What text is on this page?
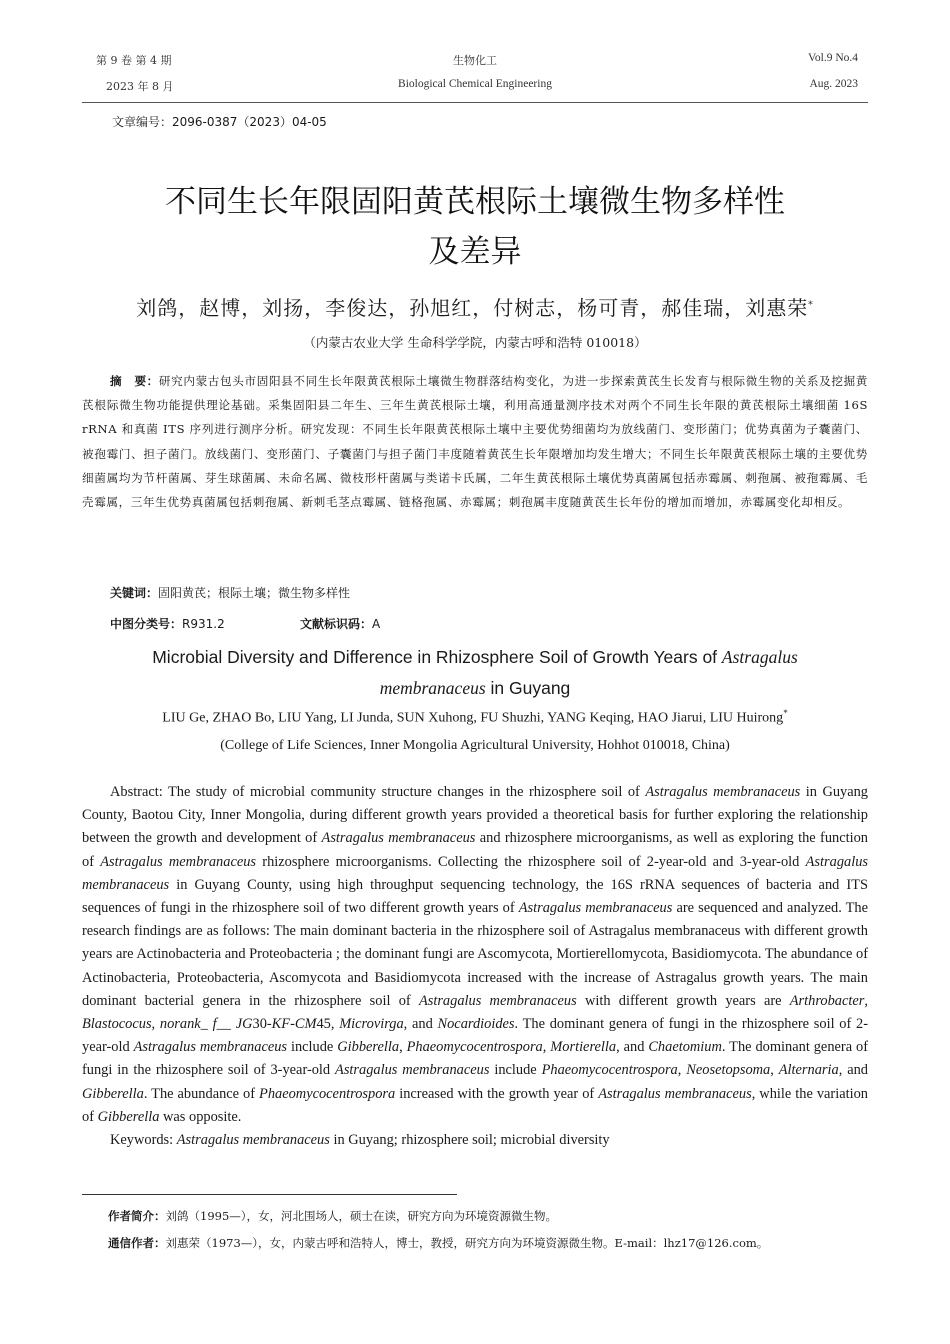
第 9 卷 第 4 期
2023 年 8 月
生物化工
Biological Chemical Engineering
Vol.9 No.4
Aug. 2023
文章编号：2096-0387（2023）04-05
不同生长年限固阳黄芪根际土壤微生物多样性
及差异
刘鸽，赵博，刘扬，李俊达，孙旭红，付树志，杨可青，郝佳瑞，刘惠荣*
（内蒙古农业大学 生命科学学院，内蒙古呼和浩特 010018）
摘　要：研究内蒙古包头市固阳县不同生长年限黄芪根际土壤微生物群落结构变化，为进一步探索黄芪生长发育与根际微生物的关系及挖掘黄芪根际微生物功能提供理论基础。采集固阳县二年生、三年生黄芪根际土壤，利用高通量测序技术对两个不同生长年限的黄芪根际土壤细菌 16S rRNA 和真菌 ITS 序列进行测序分析。研究发现：不同生长年限黄芪根际土壤中主要优势细菌均为放线菌门、变形菌门；优势真菌为子囊菌门、被孢霉门、担子菌门。放线菌门、变形菌门、子囊菌门与担子菌门丰度随着黄芪生长年限增加均发生增大；不同生长年限黄芪根际土壤的主要优势细菌属均为节杆菌属、芽生球菌属、未命名属、微枝形杆菌属与类诺卡氏属，二年生黄芪根际土壤优势真菌属包括赤霉属、刺孢属、被孢霉属、毛壳霉属，三年生优势真菌属包括刺孢属、新刺毛茎点霉属、链格孢属、赤霉属；刺孢属丰度随黄芪生长年份的增加而增加，赤霉属变化却相反。
关键词：固阳黄芪；根际土壤；微生物多样性
中图分类号：R931.2	文献标识码：A
Microbial Diversity and Difference in Rhizosphere Soil of Growth Years of Astragalus
membranaceus in Guyang
LIU Ge, ZHAO Bo, LIU Yang, LI Junda, SUN Xuhong, FU Shuzhi, YANG Keqing, HAO Jiarui, LIU Huirong*
(College of Life Sciences, Inner Mongolia Agricultural University, Hohhot 010018, China)

Abstract: The study of microbial community structure changes in the rhizosphere soil of Astragalus membranaceus in Guyang County, Baotou City, Inner Mongolia, during different growth years provided a theoretical basis for further exploring the relationship between the growth and development of Astragalus membranaceus and rhizosphere microorganisms, as well as exploring the function of Astragalus membranaceus rhizosphere microorganisms. Collecting the rhizosphere soil of 2-year-old and 3-year-old Astragalus membranaceus in Guyang County, using high throughput sequencing technology, the 16S rRNA sequences of bacteria and ITS sequences of fungi in the rhizosphere soil of two different growth years of Astragalus membranaceus are sequenced and analyzed. The research findings are as follows: The main dominant bacteria in the rhizosphere soil of Astragalus membranaceus with different growth years are Actinobacteria and Proteobacteria ; the dominant fungi are Ascomycota, Mortierellomycota, Basidiomycota. The abundance of Actinobacteria, Proteobacteria, Ascomycota and Basidiomycota increased with the increase of Astragalus growth years. The main dominant bacterial genera in the rhizosphere soil of Astragalus membranaceus with different growth years are Arthrobacter, Blastococus, norank_ f__ JG30-KF-CM45, Microvirga, and Nocardioides. The dominant genera of fungi in the rhizosphere soil of 2-year-old Astragalus membranaceus include Gibberella, Phaeomycocentrospora, Mortierella, and Chaetomium. The dominant genera of fungi in the rhizosphere soil of 3-year-old Astragalus membranaceus include Phaeomycocentrospora, Neosetopsoma, Alternaria, and Gibberella. The abundance of Phaeomycocentrospora increased with the growth year of Astragalus membranaceus, while the variation of Gibberella was opposite.

Keywords: Astragalus membranaceus in Guyang; rhizosphere soil; microbial diversity

作者简介：刘鸽（1995—），女，河北围场人，硕士在读，研究方向为环境资源微生物。
通信作者：刘惠荣（1973—），女，内蒙古呼和浩特人，博士，教授，研究方向为环境资源微生物。E-mail：lhz17@126.com。
